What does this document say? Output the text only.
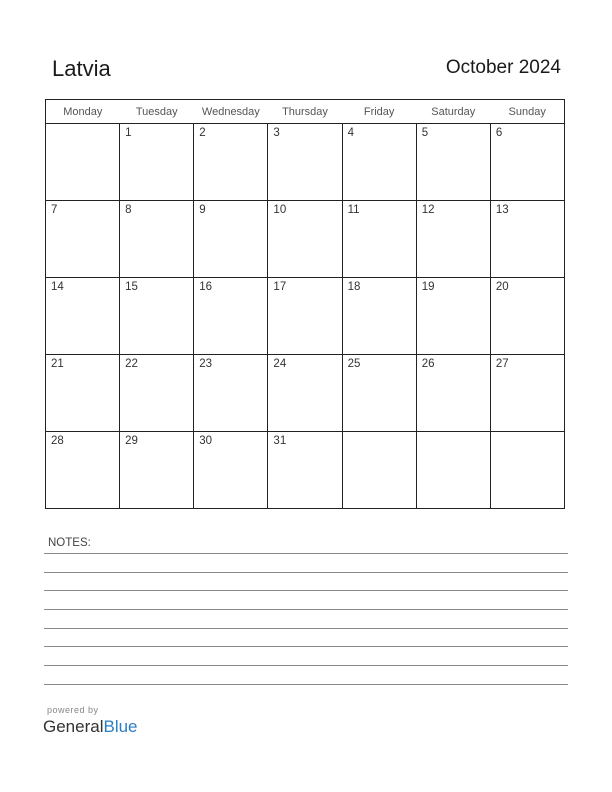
Latvia	October 2024
Monday	Tuesday	Wednesday	Thursday	Friday	Saturday	Sunday

	1	2	3	4	5	6

7	8	9	10	11	12	13

14	15	16	17	18	19	20

21	22	23	24	25	26	27

28	29	30	31			

NOTES:
powered by
GeneralBlue
